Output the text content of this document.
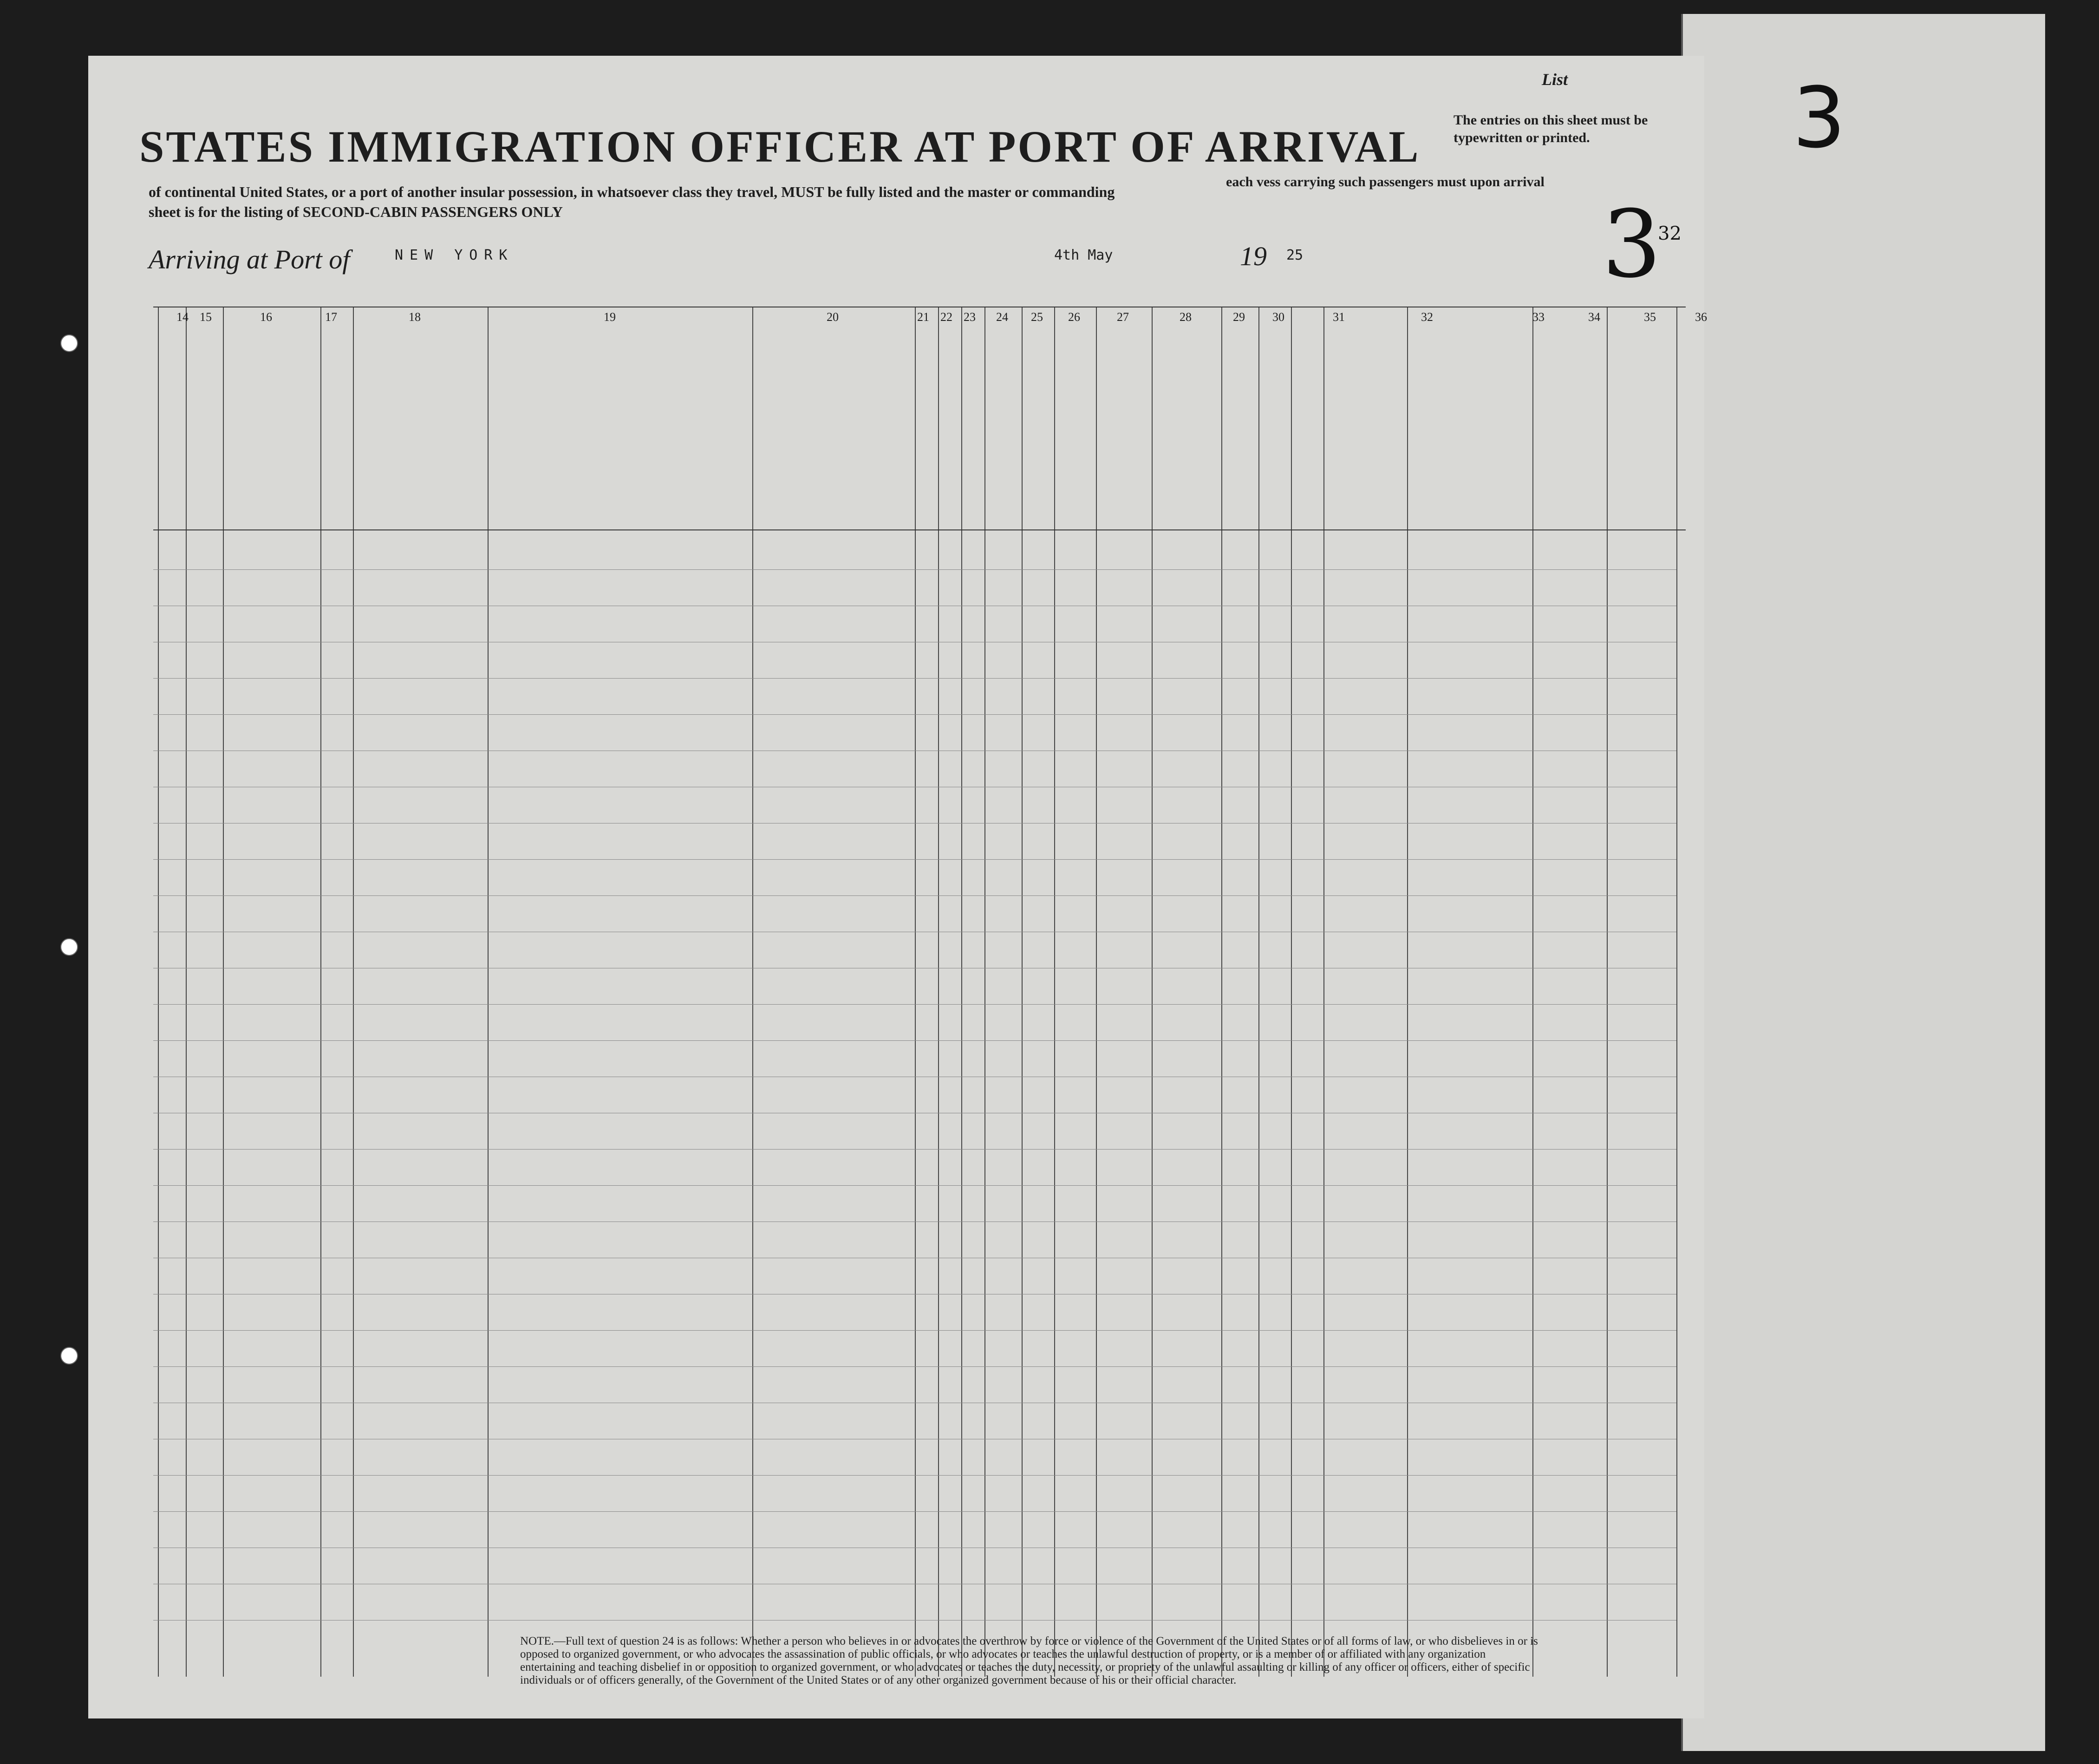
List
STATES IMMIGRATION OFFICER AT PORT OF ARRIVAL
of continental United States, or a port of another insular possession, in whatsoever class they travel, MUST be fully listed and the master or commanding
each vess carrying such passengers must upon arrival
sheet is for the listing of SECOND-CABIN PASSENGERS ONLY
The entries on this sheet must be typewritten or printed.
3
32
Arriving at Port of	NEW YORK	4th May	19 25
14 15	16	17	18	19	20	21 22 23 24 25 26	27	28	29 30	31	32	33	34	35	36
NOTE.—Full text of question 24 is as follows: Whether a person who believes in or advocates the overthrow by force or violence of the Government of the United States or of all forms of law, or who disbelieves in or is opposed to organized government, or who advocates the assassination of public officials, or who advocates or teaches the unlawful destruction of property, or is a member of or affiliated with any organization entertaining and teaching disbelief in or opposition to organized government, or who advocates or teaches the duty, necessity, or propriety of the unlawful assaulting or killing of any officer or officers, either of specific individuals or of officers generally, of the Government of the United States or of any other organized government because of his or their official character.
3
